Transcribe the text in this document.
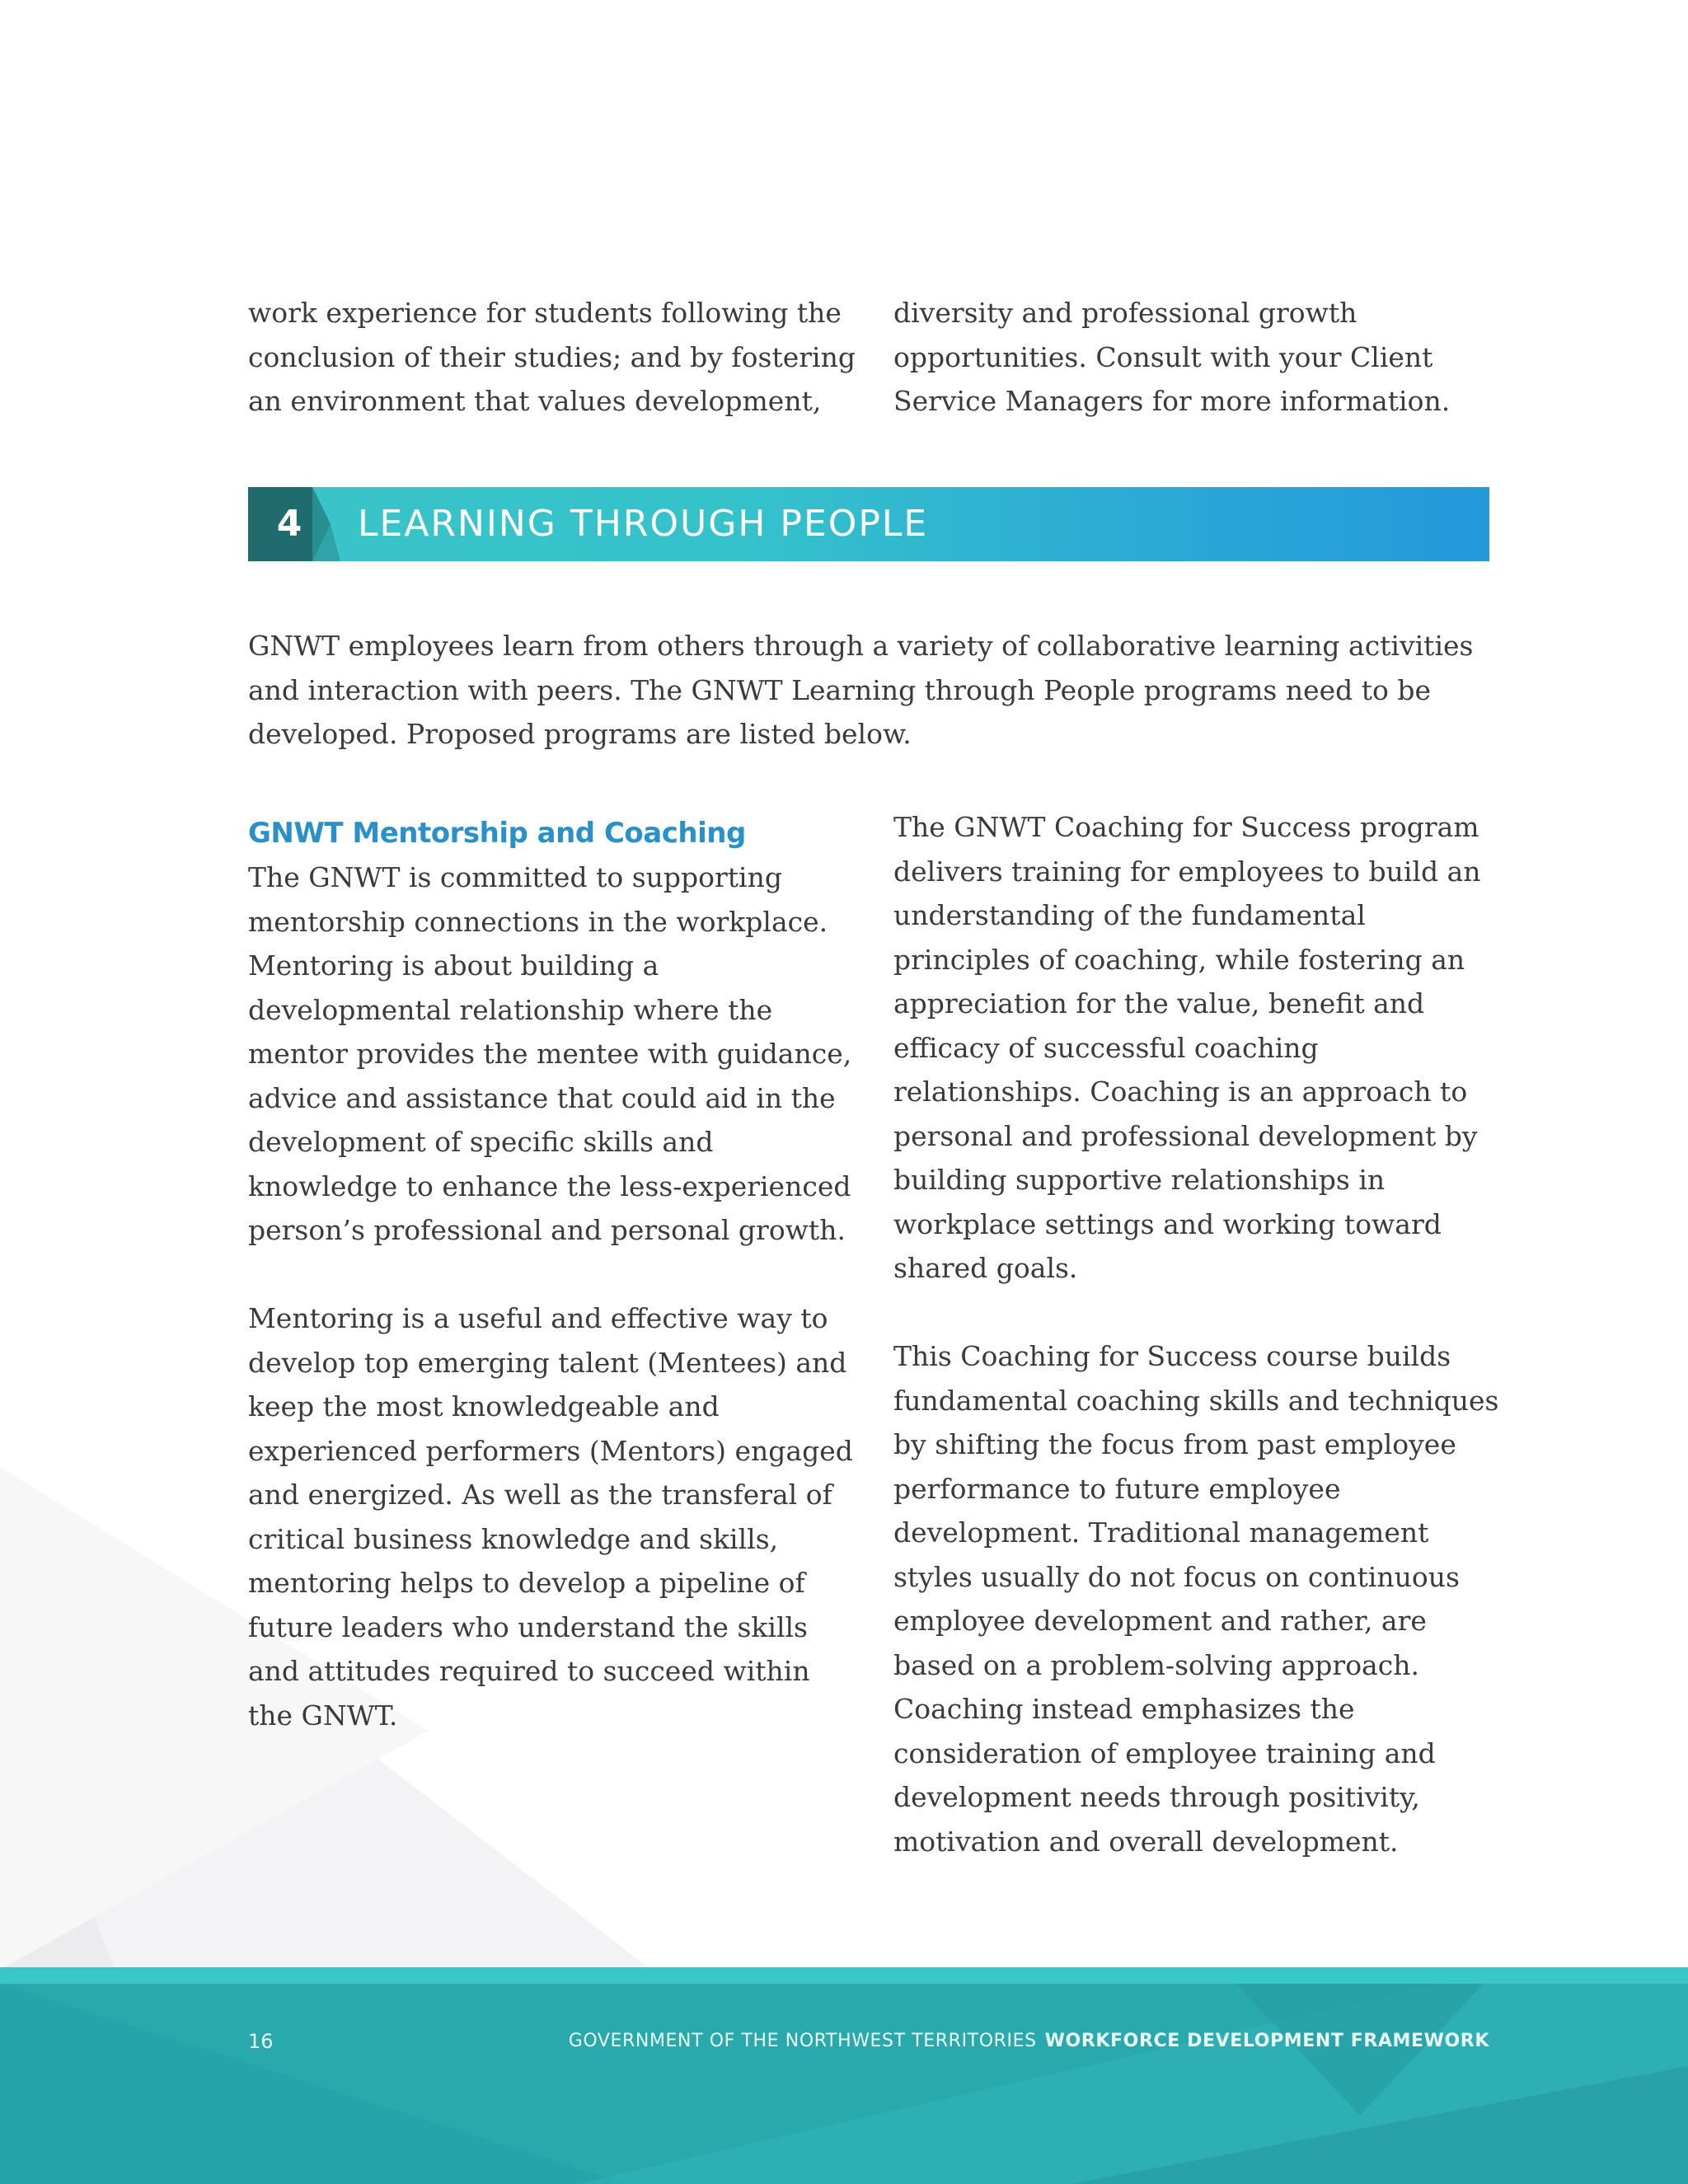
work experience for students following the conclusion of their studies; and by fostering an environment that values development,

diversity and professional growth opportunities. Consult with your Client Service Managers for more information.

4	LEARNING THROUGH PEOPLE

GNWT employees learn from others through a variety of collaborative learning activities and interaction with peers. The GNWT Learning through People programs need to be developed. Proposed programs are listed below.

GNWT Mentorship and Coaching

The GNWT is committed to supporting mentorship connections in the workplace. Mentoring is about building a developmental relationship where the mentor provides the mentee with guidance, advice and assistance that could aid in the development of specific skills and knowledge to enhance the less-experienced person’s professional and personal growth.

Mentoring is a useful and effective way to develop top emerging talent (Mentees) and keep the most knowledgeable and experienced performers (Mentors) engaged and energized. As well as the transferal of critical business knowledge and skills, mentoring helps to develop a pipeline of future leaders who understand the skills and attitudes required to succeed within the GNWT.

The GNWT Coaching for Success program delivers training for employees to build an understanding of the fundamental principles of coaching, while fostering an appreciation for the value, benefit and efficacy of successful coaching relationships. Coaching is an approach to personal and professional development by building supportive relationships in workplace settings and working toward shared goals.

This Coaching for Success course builds fundamental coaching skills and techniques by shifting the focus from past employee performance to future employee development. Traditional management styles usually do not focus on continuous employee development and rather, are based on a problem-solving approach. Coaching instead emphasizes the consideration of employee training and development needs through positivity, motivation and overall development.

16	GOVERNMENT OF THE NORTHWEST TERRITORIES WORKFORCE DEVELOPMENT FRAMEWORK
